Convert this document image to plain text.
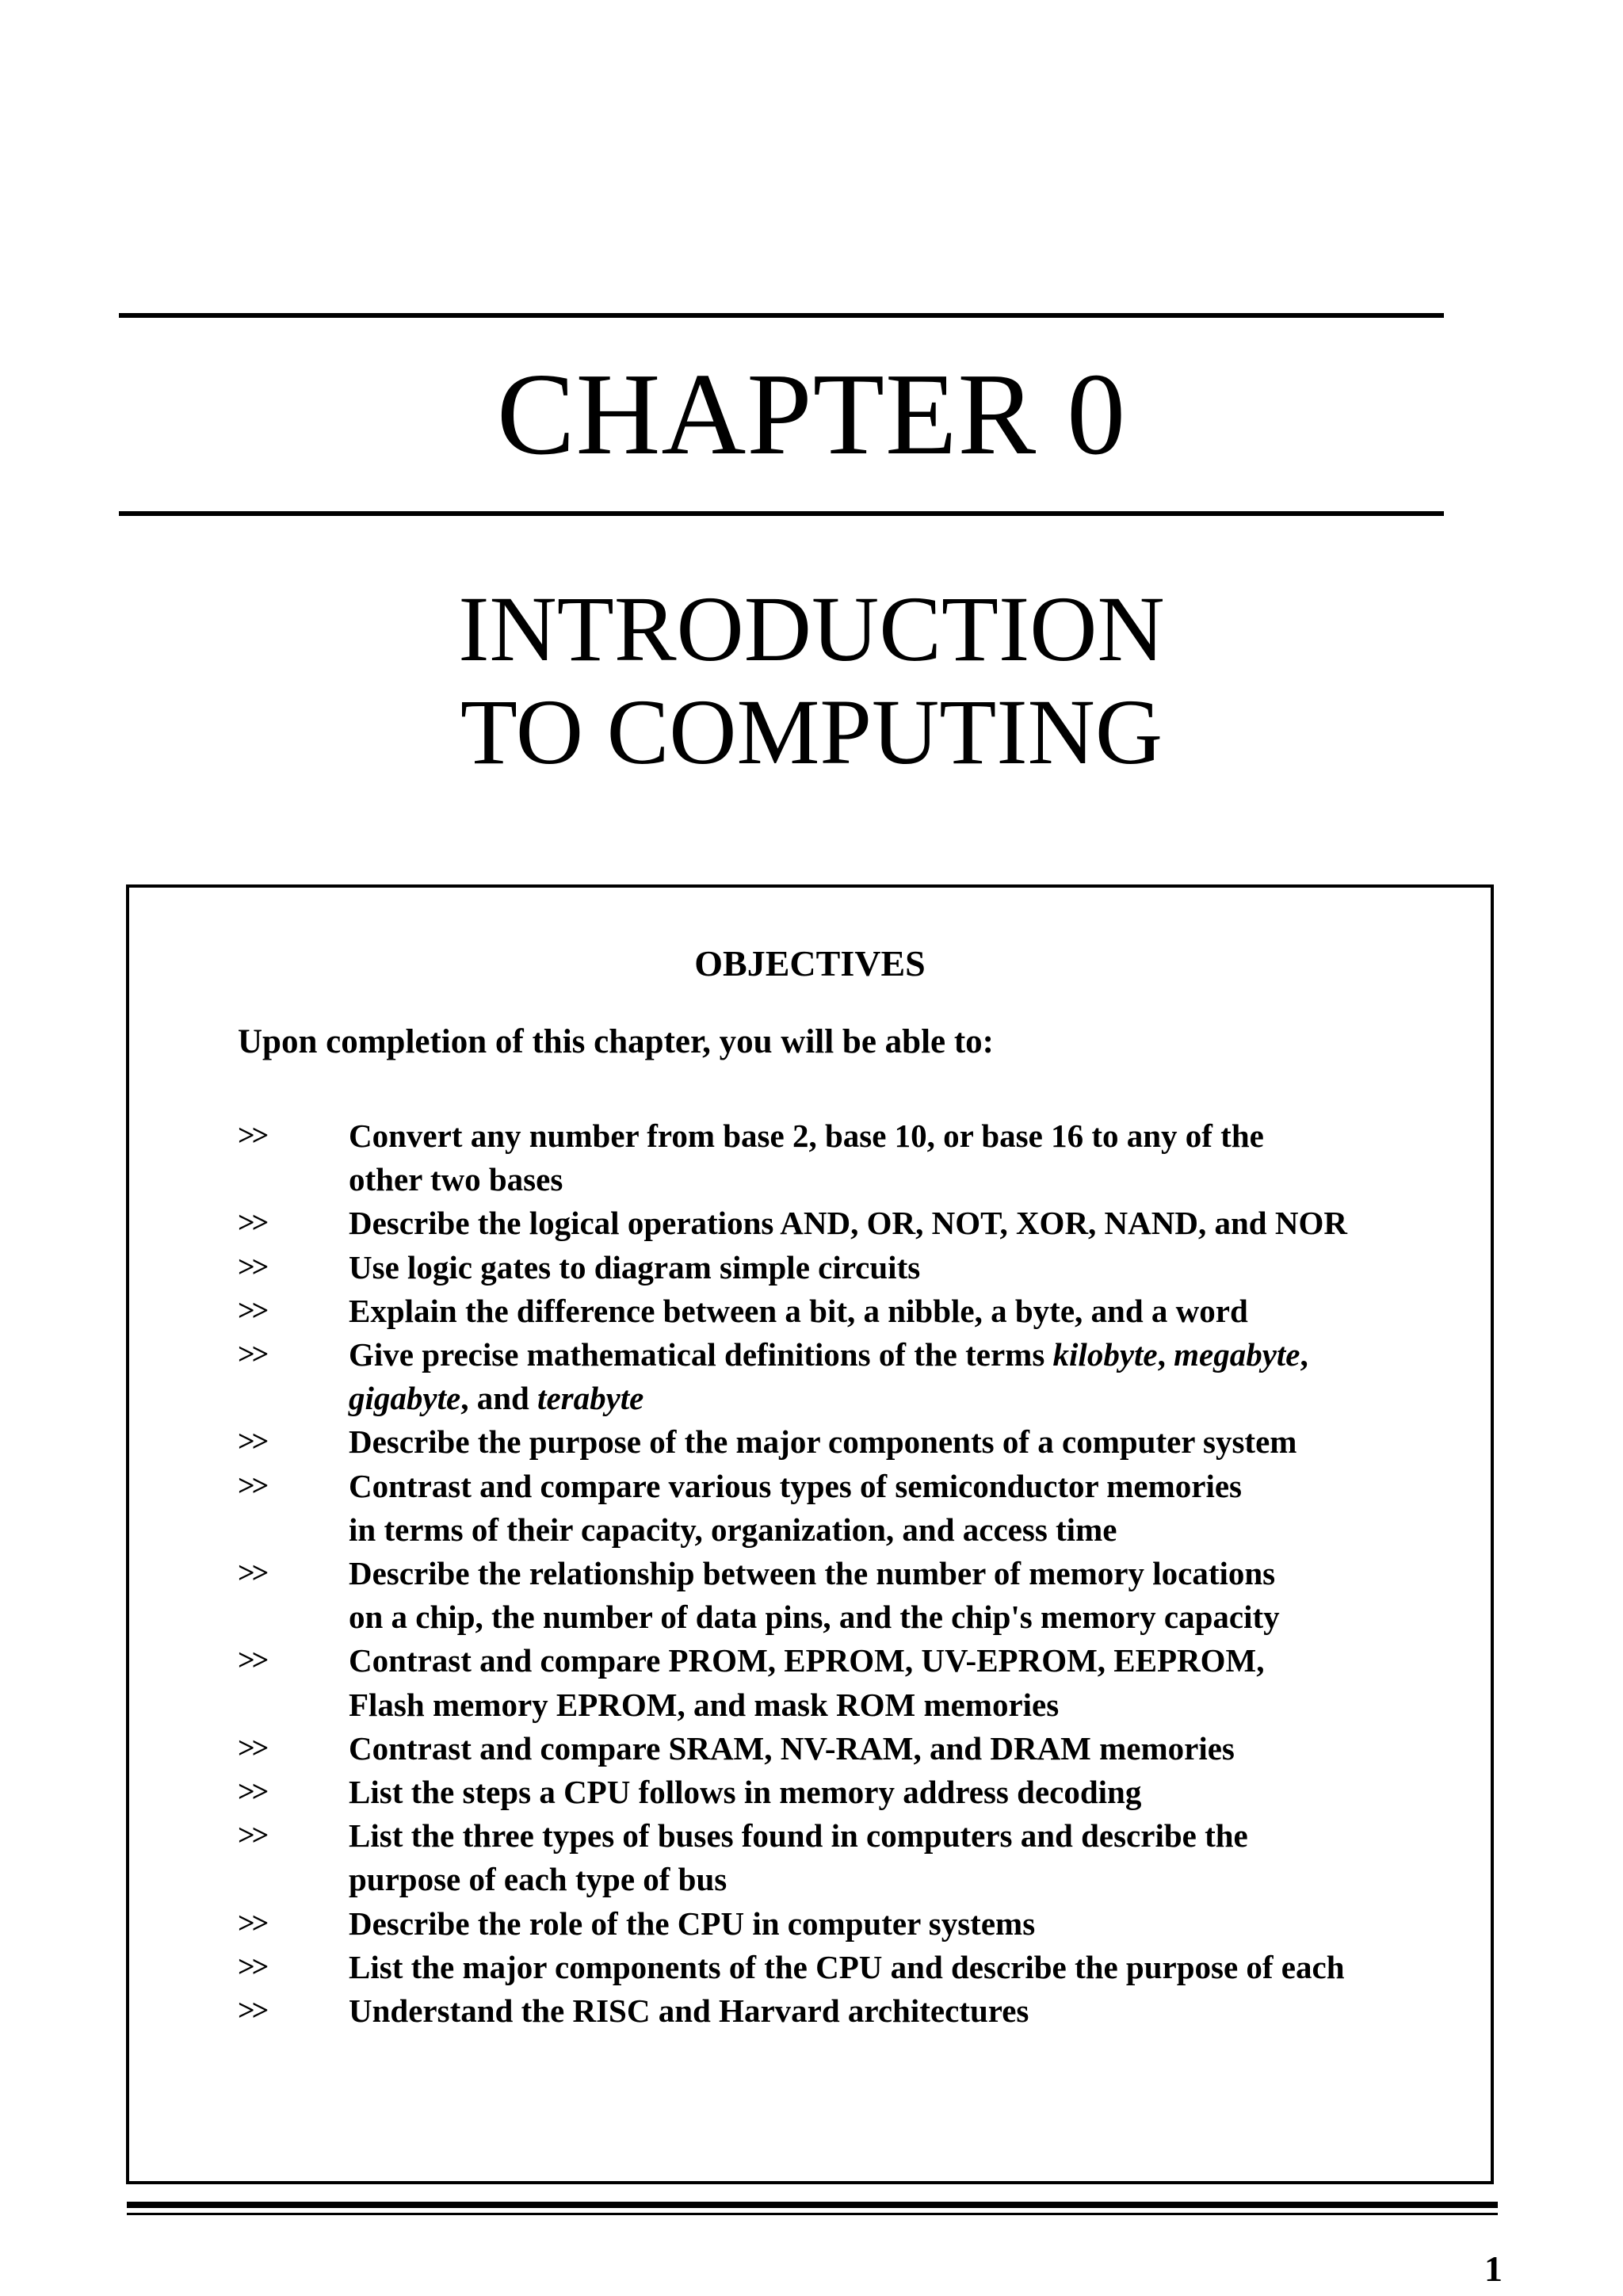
CHAPTER 0
INTRODUCTION
TO COMPUTING
OBJECTIVES
Upon completion of this chapter, you will be able to:
>>	Convert any number from base 2, base 10, or base 16 to any of the
other two bases
>>	Describe the logical operations AND, OR, NOT, XOR, NAND, and NOR
>>	Use logic gates to diagram simple circuits
>>	Explain the difference between a bit, a nibble, a byte, and a word
>>	Give precise mathematical definitions of the terms kilobyte, megabyte,
gigabyte, and terabyte
>>	Describe the purpose of the major components of a computer system
>>	Contrast and compare various types of semiconductor memories
in terms of their capacity, organization, and access time
>>	Describe the relationship between the number of memory locations
on a chip, the number of data pins, and the chip's memory capacity
>>	Contrast and compare PROM, EPROM, UV-EPROM, EEPROM,
Flash memory EPROM, and mask ROM memories
>>	Contrast and compare SRAM, NV-RAM, and DRAM memories
>>	List the steps a CPU follows in memory address decoding
>>	List the three types of buses found in computers and describe the
purpose of each type of bus
>>	Describe the role of the CPU in computer systems
>>	List the major components of the CPU and describe the purpose of each
>>	Understand the RISC and Harvard architectures
1
